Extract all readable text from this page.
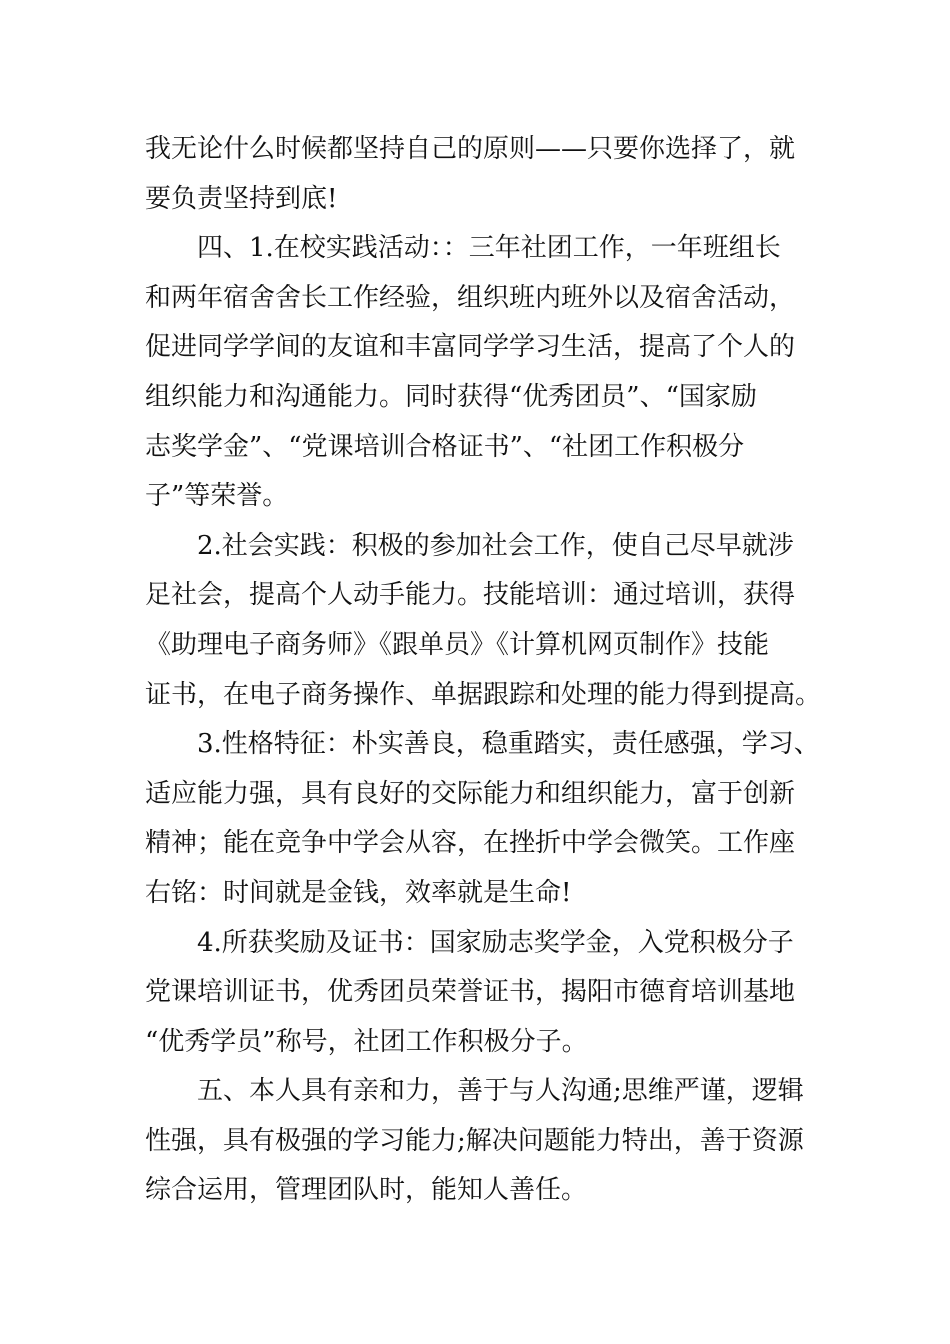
我无论什么时候都坚持自己的原则——只要你选择了，就
要负责坚持到底!
四、1.在校实践活动：：三年社团工作，一年班组长
和两年宿舍舍长工作经验，组织班内班外以及宿舍活动，
促进同学学间的友谊和丰富同学学习生活，提高了个人的
组织能力和沟通能力。同时获得“优秀团员”、“国家励
志奖学金”、“党课培训合格证书”、“社团工作积极分
子”等荣誉。
2.社会实践：积极的参加社会工作，使自己尽早就涉
足社会，提高个人动手能力。技能培训：通过培训，获得
《助理电子商务师》《跟单员》《计算机网页制作》技能
证书，在电子商务操作、单据跟踪和处理的能力得到提高。
3.性格特征：朴实善良，稳重踏实，责任感强，学习、
适应能力强，具有良好的交际能力和组织能力，富于创新
精神；能在竞争中学会从容，在挫折中学会微笑。工作座
右铭：时间就是金钱，效率就是生命!
4.所获奖励及证书：国家励志奖学金，入党积极分子
党课培训证书，优秀团员荣誉证书，揭阳市德育培训基地
“优秀学员”称号，社团工作积极分子。
五、本人具有亲和力，善于与人沟通;思维严谨，逻辑
性强，具有极强的学习能力;解决问题能力特出，善于资源
综合运用，管理团队时，能知人善任。
